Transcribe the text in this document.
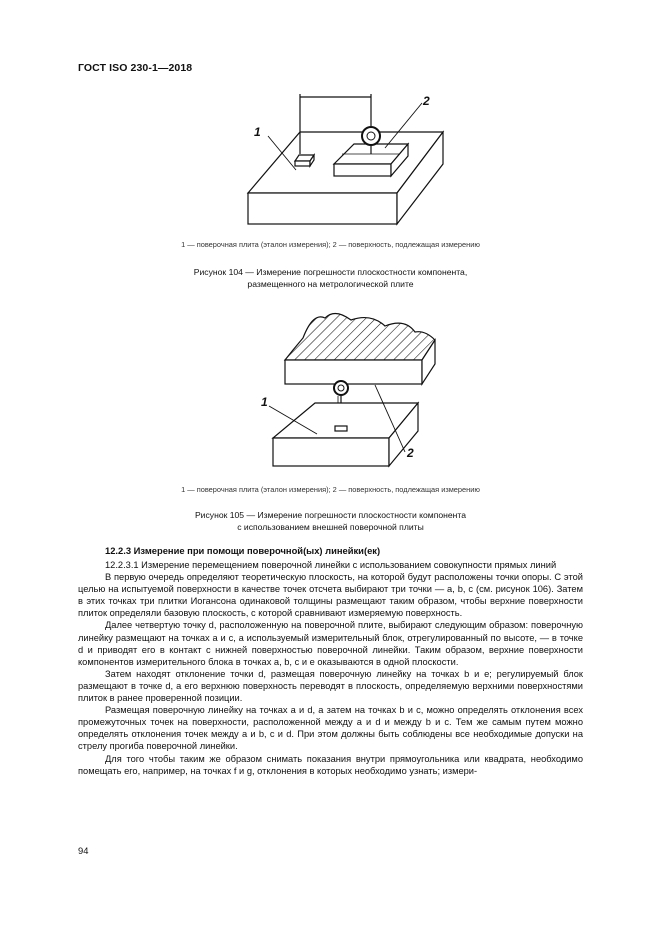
ГОСТ ISO 230-1—2018
1
2
1 — поверочная плита (эталон измерения); 2 — поверхность, подлежащая измерению
Рисунок 104 — Измерение погрешности плоскостности компонента,
размещенного на метрологической плите
1
2
1 — поверочная плита (эталон измерения); 2 — поверхность, подлежащая измерению
Рисунок 105 — Измерение погрешности плоскостности компонента
с использованием внешней поверочной плиты
12.2.3 Измерение при помощи поверочной(ых) линейки(ек)

12.2.3.1 Измерение перемещением поверочной линейки с использованием совокупности прямых линий

В первую очередь определяют теоретическую плоскость, на которой будут расположены точки опоры. С этой целью на испытуемой поверхности в качестве точек отсчета выбирают три точки — a, b, c (см. рисунок 106). Затем в этих точках три плитки Иогансона одинаковой толщины размещают таким образом, чтобы верхние поверхности плиток определяли базовую плоскость, с которой сравнивают измеряемую поверхность.

Далее четвертую точку d, расположенную на поверочной плите, выбирают следующим образом: поверочную линейку размещают на точках a и c, а используемый измерительный блок, отрегулированный по высоте, — в точке d и приводят его в контакт с нижней поверхностью поверочной линейки. Таким образом, верхние поверхности компонентов измерительного блока в точках a, b, c и e оказываются в одной плоскости.

Затем находят отклонение точки d, размещая поверочную линейку на точках b и e; регулируемый блок размещают в точке d, а его верхнюю поверхность переводят в плоскость, определяемую верхними поверхностями плиток в ранее проверенной позиции.

Размещая поверочную линейку на точках a и d, а затем на точках b и c, можно определять отклонения всех промежуточных точек на поверхности, расположенной между a и d и между b и c. Тем же самым путем можно определять отклонения точек между a и b, c и d. При этом должны быть соблюдены все необходимые допуски на стрелу прогиба поверочной линейки.

Для того чтобы таким же образом снимать показания внутри прямоугольника или квадрата, необходимо помещать его, например, на точках f и g, отклонения в которых необходимо узнать; измери-

94
